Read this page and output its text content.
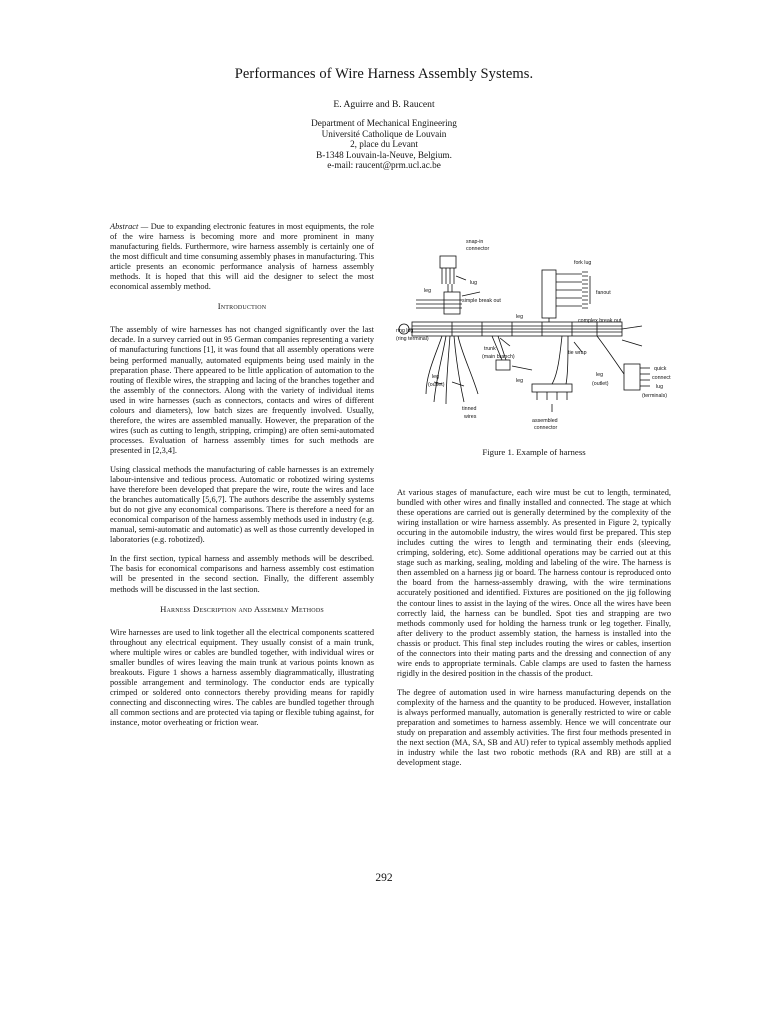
Performances of Wire Harness Assembly Systems.
E. Aguirre and B. Raucent
Department of Mechanical Engineering
Université Catholique de Louvain
2, place du Levant
B-1348 Louvain-la-Neuve, Belgium.
e-mail: raucent@prm.ucl.ac.be

Abstract — Due to expanding electronic features in most equipments, the role of the wire harness is becoming more and more prominent in many manufacturing fields. Furthermore, wire harness assembly is certainly one of the most difficult and time consuming assembly phases in manufacturing. This article presents an economic performance analysis of harness assembly methods. It is hoped that this will aid the designer to select the most economical assembly method.

Introduction

The assembly of wire harnesses has not changed significantly over the last decade. In a survey carried out in 95 German companies representing a variety of manufacturing functions [1], it was found that all assembly operations were being performed manually, automated equipments being used mainly in the preparation phase. There appeared to be little application of automation to the routing of flexible wires, the strapping and lacing of the branches together and the assembly of the connectors. Along with the variety of individual items used in wire harnesses (such as connectors, contacts and wires of different colours and diameters), low batch sizes are frequently involved. Usually, therefore, the wires are assembled manually. However, the preparation of the wires (such as cutting to length, stripping, crimping) are often semi-automated processes. Evaluation of harness assembly times for such methods are presented in [2,3,4].

Using classical methods the manufacturing of cable harnesses is an extremely labour-intensive and tedious process. Automatic or robotized wiring systems have therefore been developed that prepare the wire, route the wires and lace the branches automatically [5,6,7]. The authors describe the assembly systems but do not give any economical comparisons. There is therefore a need for an economical comparison of the harness assembly methods used in industry (e.g. manual, semi-automatic and automatic) as well as those currently developed in laboratories (e.g. robotized).

In the first section, typical harness and assembly methods will be described. The basis for economical comparisons and harness assembly cost estimation will be presented in the second section. Finally, the different assembly methods will be discussed in the last section.

Harness Description and Assembly Methods

Wire harnesses are used to link together all the electrical components scattered throughout any electrical equipment. They usually consist of a main trunk, where multiple wires or cables are bundled together, with individual wires or smaller bundles of wires leaving the main trunk at various points known as breakouts. Figure 1 shows a harness assembly diagrammatically, illustrating possible arrangement and terminology. The conductor ends are typically crimped or soldered onto connectors thereby providing means for rapidly connecting and disconnecting wires. The cables are bundled together through all common sections and are protected via taping or flexible tubing against, for instance, motor overheating or friction wear.

snap-in
connector
lug
leg
simple break out
fork lug
fanout
leg
complex break out
ring lug
(ring terminal)
trunk
(main branch)
tie wrap
leg
(outlet)
leg
leg
(outlet)
quick
connect
lug
(terminals)
tinned
wires
assembled
connector
Figure 1. Example of harness

At various stages of manufacture, each wire must be cut to length, terminated, bundled with other wires and finally installed and connected. The stage at which these operations are carried out is generally determined by the complexity of the wiring installation or wire harness assembly. As presented in Figure 2, typically occuring in the automobile industry, the wires would first be prepared. This step includes cutting the wires to length and terminating their ends (sleeving, crimping, soldering, etc). Some additional operations may be carried out at this stage such as marking, sealing, molding and labeling of the wire. The harness is then assembled on a harness jig or board. The harness contour is reproduced onto the board from the harness-assembly drawing, with the wire terminations accurately positioned and identified. Fixtures are positioned on the jig following the contour lines to assist in the laying of the wires. Once all the wires have been correctly laid, the harness can be bundled. Spot ties and strapping are two methods commonly used for holding the harness trunk or leg together. Finally, after delivery to the product assembly station, the harness is installed into the chassis or product. This final step includes routing the wires or cables, insertion of the connectors into their mating parts and the dressing and connection of any wire ends to appropriate terminals. Cable clamps are used to fasten the harness rigidly in the desired position in the chassis of the product.

The degree of automation used in wire harness manufacturing depends on the complexity of the harness and the quantity to be produced. However, installation is always performed manually, automation is generally restricted to wire or cable preparation and sometimes to harness assembly. Hence we will concentrate our study on preparation and assembly activities. The first four methods presented in the next section (MA, SA, SB and AU) refer to typical assembly methods applied in industry while the last two robotic methods (RA and RB) are still at a development stage.

292
